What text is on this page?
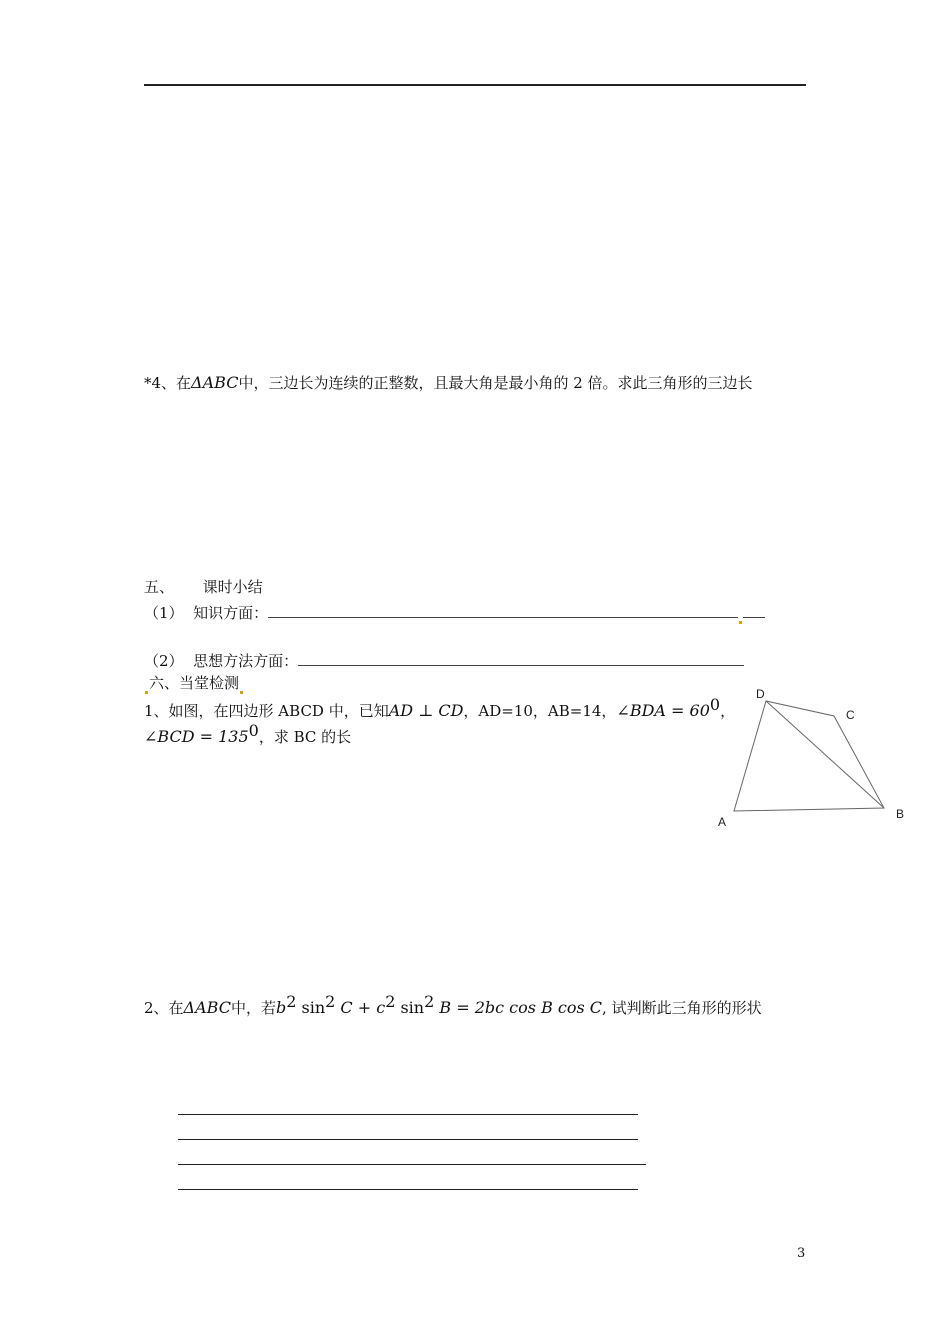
*4、在ΔABC中，三边长为连续的正整数，且最大角是最小角的 2 倍。求此三角形的三边长
五、      课时小结
（1）  知识方面：
（2）  思想方法方面：
六、当堂检测
1、如图，在四边形 ABCD 中，已知AD ⊥ CD，AD=10，AB=14，∠BDA = $60^0$，
∠BCD = $135^0$，求 BC 的长
D
C
A
B
2、在ΔABC中，若$b^2$ $\sin^2 C + c^2$ $\sin^2 B = 2bc$ cos B cos C, 试判断此三角形的形状
3
